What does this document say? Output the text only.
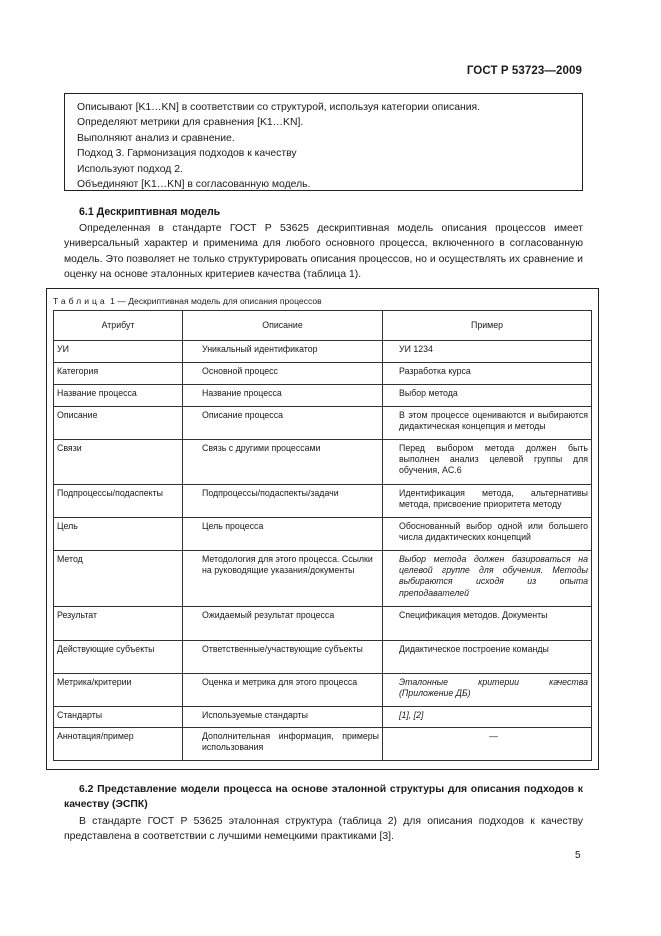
ГОСТ Р 53723—2009
Описывают [K1…KN] в соответствии со структурой, используя категории описания.
Определяют метрики для сравнения [K1…KN].
Выполняют анализ и сравнение.
Подход 3. Гармонизация подходов к качеству
Используют подход 2.
Объединяют [K1…KN] в согласованную модель.
6.1 Дескриптивная модель
Определенная в стандарте ГОСТ Р 53625 дескриптивная модель описания процессов имеет универсальный характер и применима для любого основного процесса, включенного в согласованную модель. Это позволяет не только структурировать описания процессов, но и осуществлять их сравнение и оценку на основе эталонных критериев качества (таблица 1).
Таблица 1 — Дескриптивная модель для описания процессов
Атрибут	Описание	Пример
УИ	Уникальный идентификатор	УИ 1234
Категория	Основной процесс	Разработка курса
Название процесса	Название процесса	Выбор метода
Описание	Описание процесса	В этом процессе оцениваются и выбираются дидактическая концепция и методы
Связи	Связь с другими процессами	Перед выбором метода должен быть выполнен анализ целевой группы для обучения, AC.6
Подпроцессы/подаспекты	Подпроцессы/подаспекты/задачи	Идентификация метода, альтернативы метода, присвоение приоритета методу
Цель	Цель процесса	Обоснованный выбор одной или большего числа дидактических концепций
Метод	Методология для этого процесса. Ссылки на руководящие указания/документы	Выбор метода должен базироваться на целевой группе для обучения. Методы выбираются исходя из опыта преподавателей
Результат	Ожидаемый результат процесса	Спецификация методов. Документы
Действующие субъекты	Ответственные/участвующие субъекты	Дидактическое построение команды
Метрика/критерии	Оценка и метрика для этого процесса	Эталонные критерии качества (Приложение ДБ)
Стандарты	Используемые стандарты	[1], [2]
Аннотация/пример	Дополнительная информация, примеры использования	—
6.2 Представление модели процесса на основе эталонной структуры для описания подходов к качеству (ЭСПК)
В стандарте ГОСТ Р 53625 эталонная структура (таблица 2) для описания подходов к качеству представлена в соответствии с лучшими немецкими практиками [3].
5
